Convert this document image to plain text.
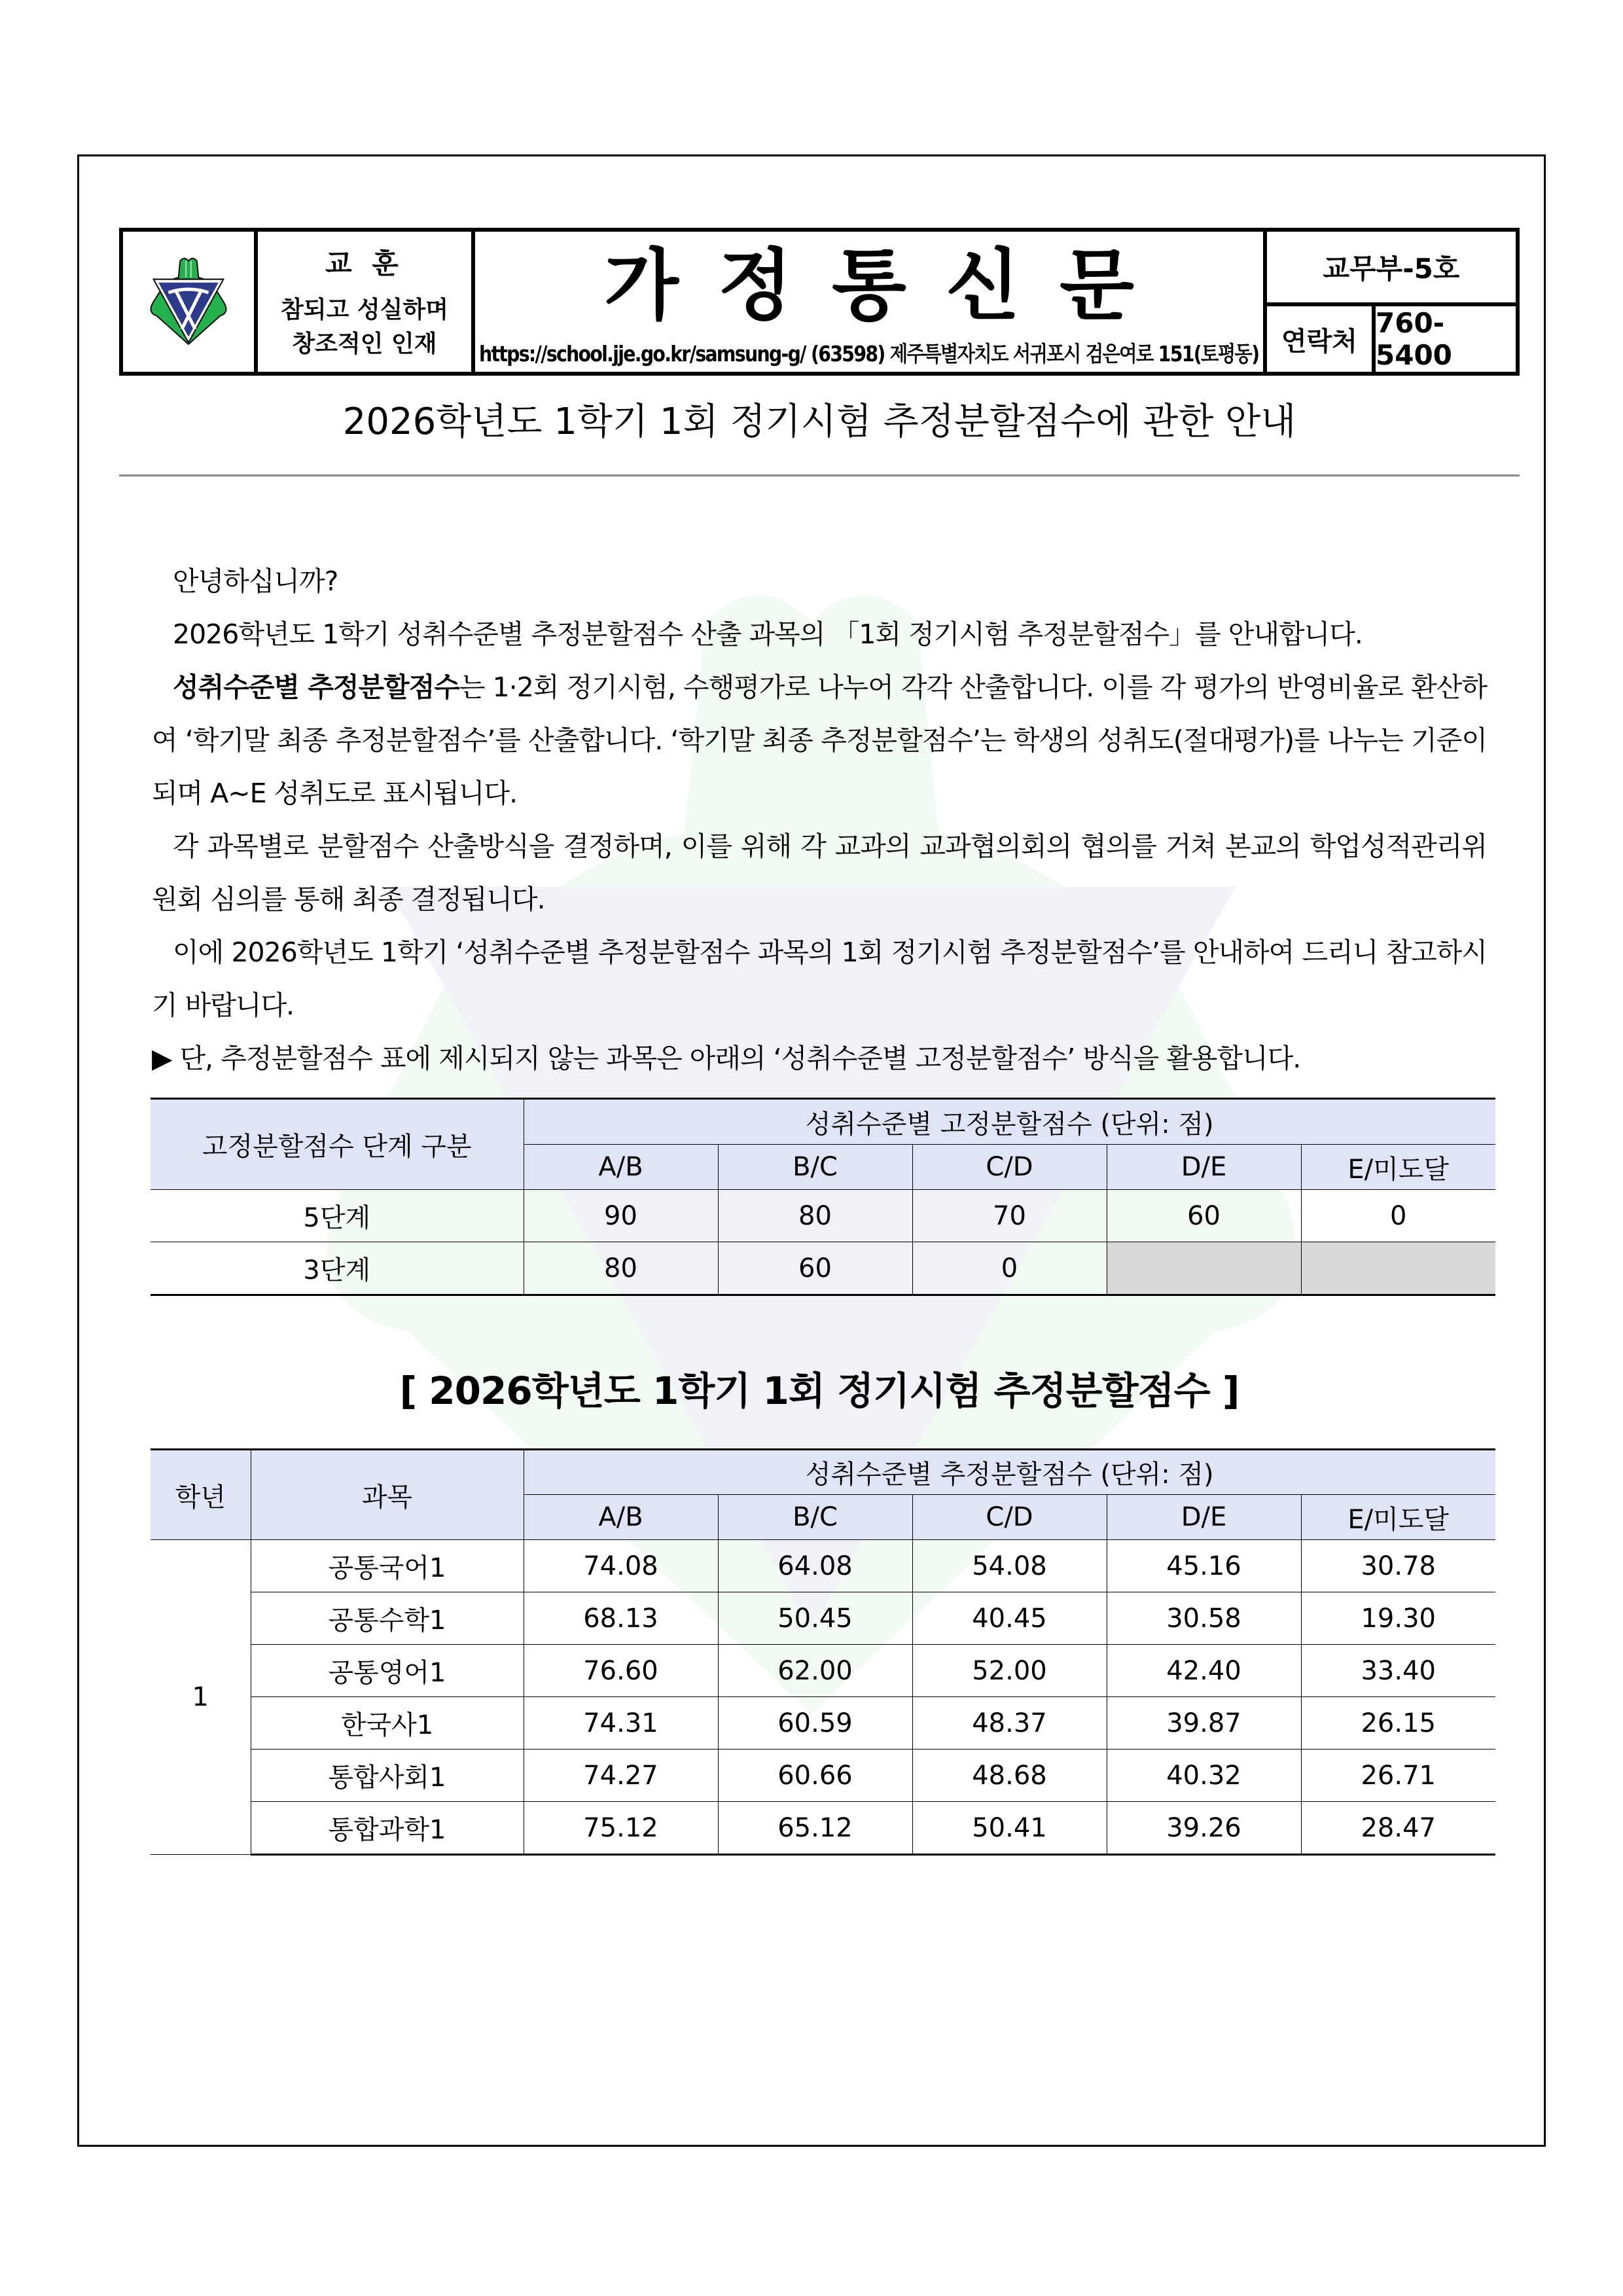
교 훈
참되고 성실하며
창조적인 인재
가정통신문
https://school.jje.go.kr/samsung-g/ (63598) 제주특별자치도 서귀포시 검은여로 151(토평동)
교무부-5호
연락처
760-5400
2026학년도 1학기 1회 정기시험 추정분할점수에 관한 안내

안녕하십니까?

2026학년도 1학기 성취수준별 추정분할점수 산출 과목의 「1회 정기시험 추정분할점수」를 안내합니다.

성취수준별 추정분할점수는 1·2회 정기시험, 수행평가로 나누어 각각 산출합니다. 이를 각 평가의 반영비율로 환산하여 ‘학기말 최종 추정분할점수’를 산출합니다. ‘학기말 최종 추정분할점수’는 학생의 성취도(절대평가)를 나누는 기준이 되며 A~E 성취도로 표시됩니다.

각 과목별로 분할점수 산출방식을 결정하며, 이를 위해 각 교과의 교과협의회의 협의를 거쳐 본교의 학업성적관리위원회 심의를 통해 최종 결정됩니다.

이에 2026학년도 1학기 ‘성취수준별 추정분할점수 과목의 1회 정기시험 추정분할점수’를 안내하여 드리니 참고하시기 바랍니다.

▶ 단, 추정분할점수 표에 제시되지 않는 과목은 아래의 ‘성취수준별 고정분할점수’ 방식을 활용합니다.

고정분할점수 단계 구분	성취수준별 고정분할점수 (단위: 점)				
	A/B	B/C	C/D	D/E	E/미도달
5단계	90	80	70	60	0
3단계	80	60	0		
[ 2026학년도 1학기 1회 정기시험 추정분할점수 ]
학년	과목	성취수준별 추정분할점수 (단위: 점)				
		A/B	B/C	C/D	D/E	E/미도달
1	공통국어1	74.08	64.08	54.08	45.16	30.78
	공통수학1	68.13	50.45	40.45	30.58	19.30
	공통영어1	76.60	62.00	52.00	42.40	33.40
	한국사1	74.31	60.59	48.37	39.87	26.15
	통합사회1	74.27	60.66	48.68	40.32	26.71
	통합과학1	75.12	65.12	50.41	39.26	28.47
